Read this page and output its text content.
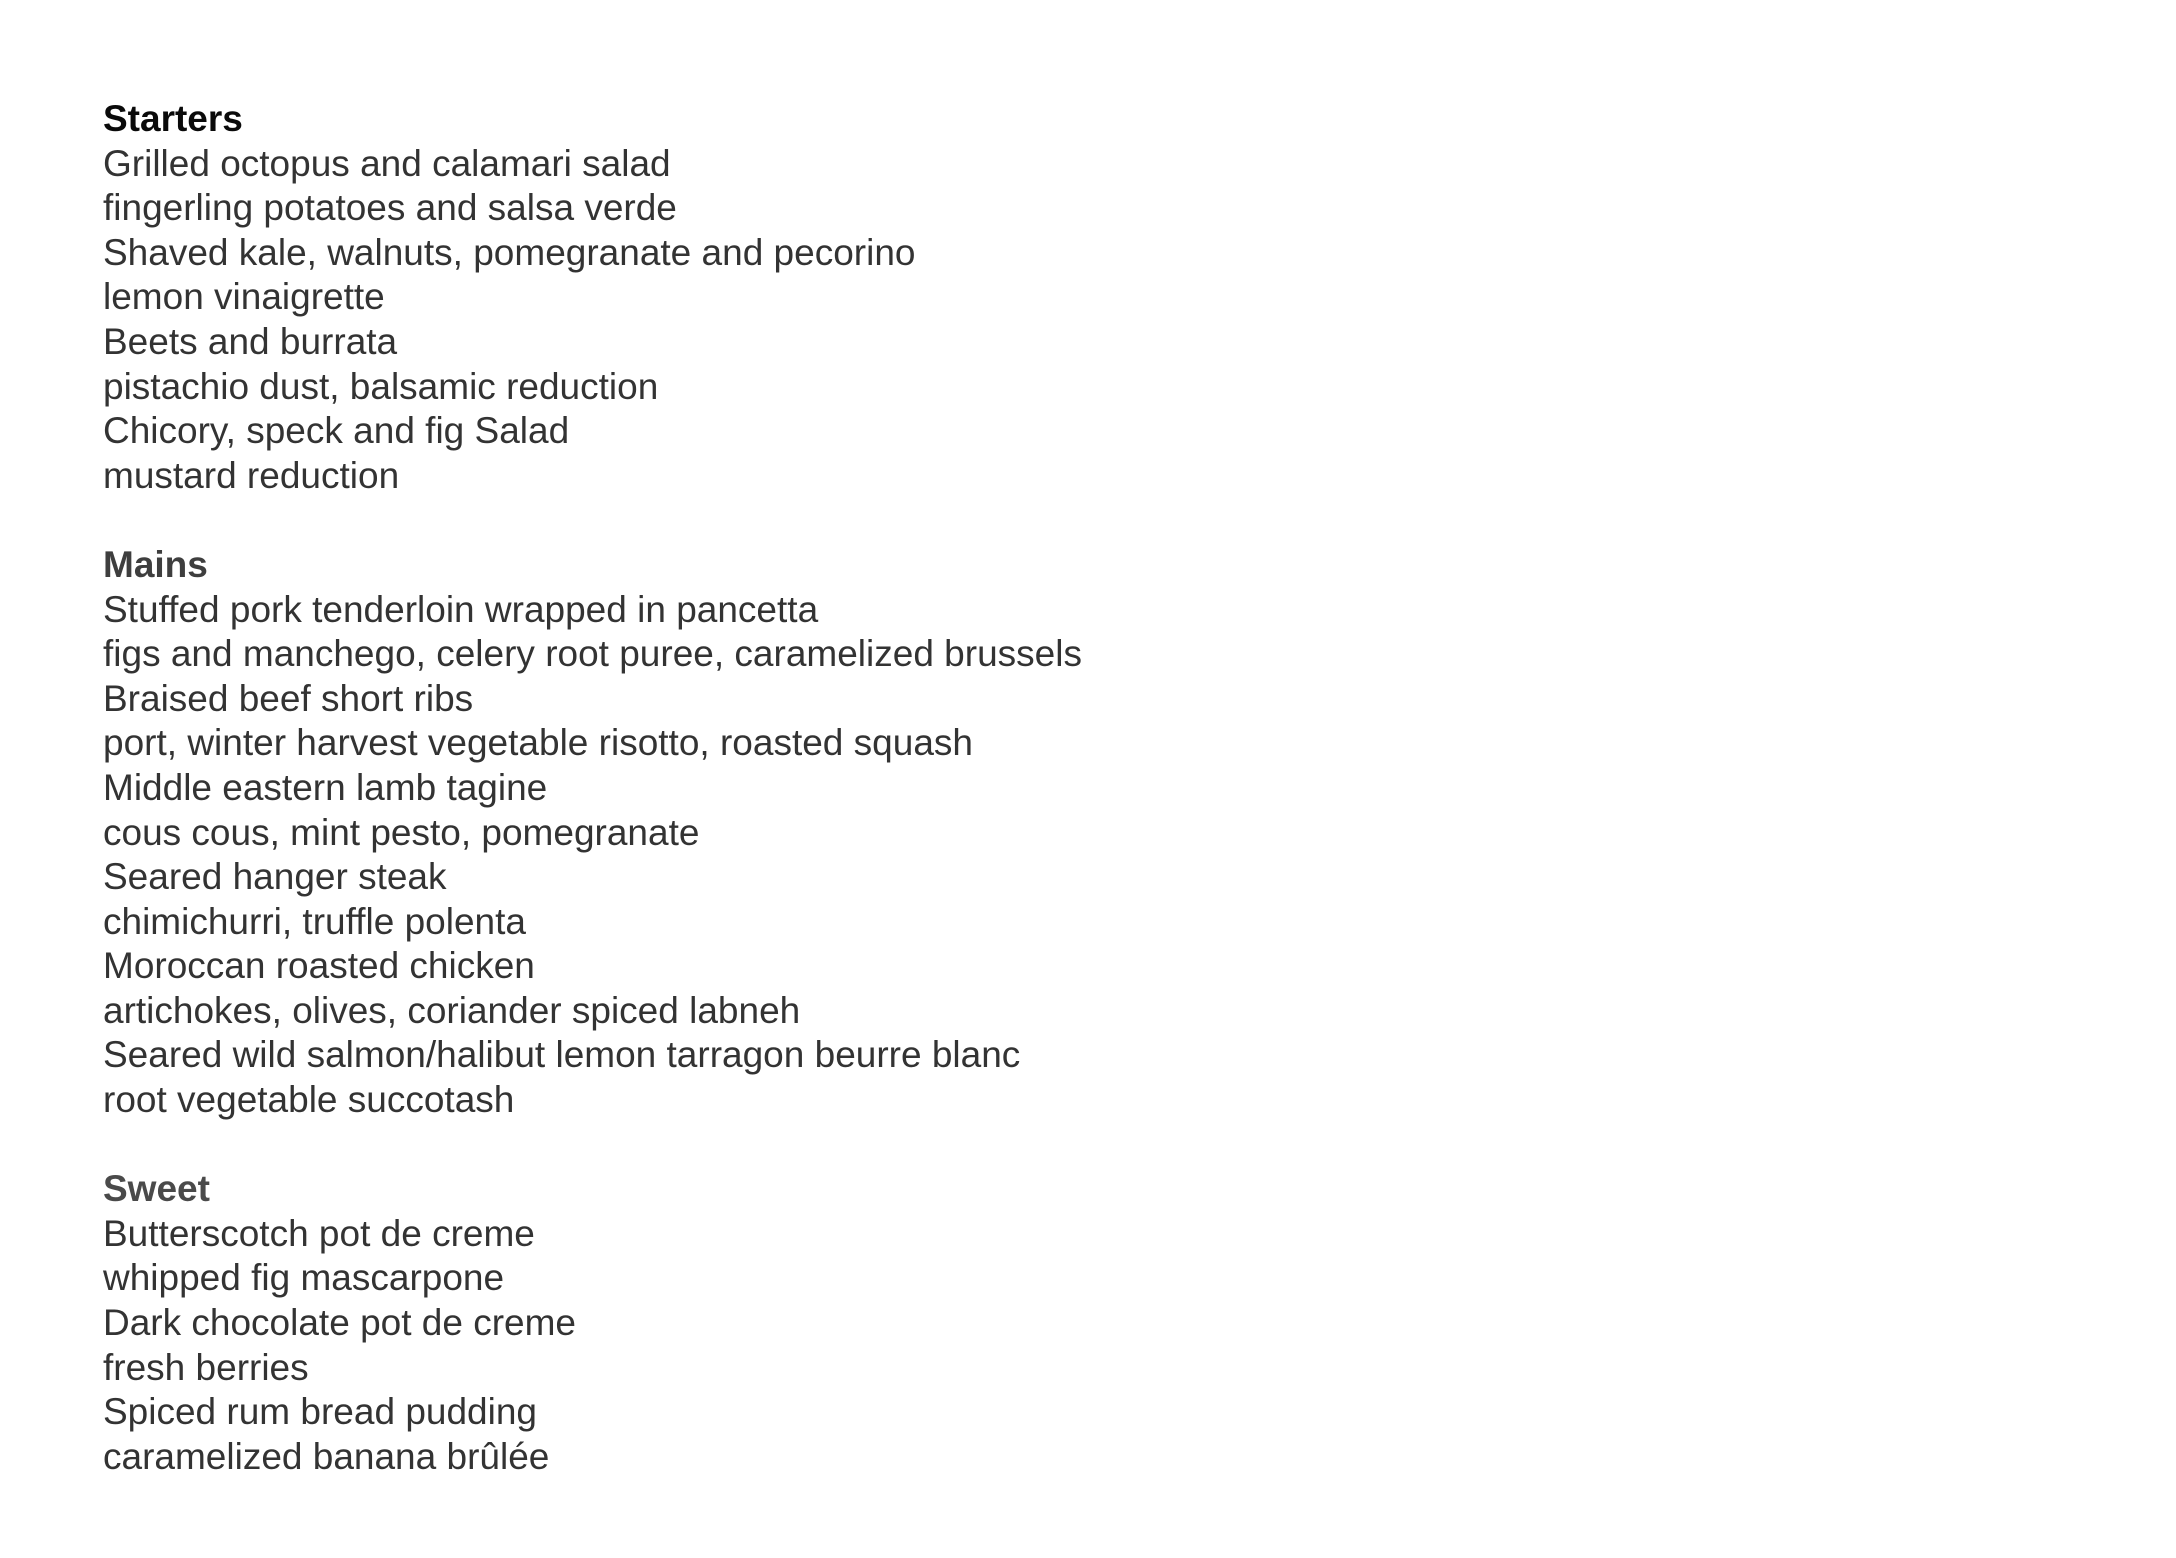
Starters
Grilled octopus and calamari salad
fingerling potatoes and salsa verde
Shaved kale, walnuts, pomegranate and pecorino
lemon vinaigrette
Beets and burrata
pistachio dust, balsamic reduction
Chicory, speck and fig Salad
mustard reduction
Mains
Stuffed pork tenderloin wrapped in pancetta
figs and manchego, celery root puree, caramelized brussels
Braised beef short ribs
port, winter harvest vegetable risotto, roasted squash
Middle eastern lamb tagine
cous cous, mint pesto, pomegranate
Seared hanger steak
chimichurri, truffle polenta
Moroccan roasted chicken
artichokes, olives, coriander spiced labneh
Seared wild salmon/halibut lemon tarragon beurre blanc
root vegetable succotash
Sweet
Butterscotch pot de creme
whipped fig mascarpone
Dark chocolate pot de creme
fresh berries
Spiced rum bread pudding
caramelized banana brûlée
